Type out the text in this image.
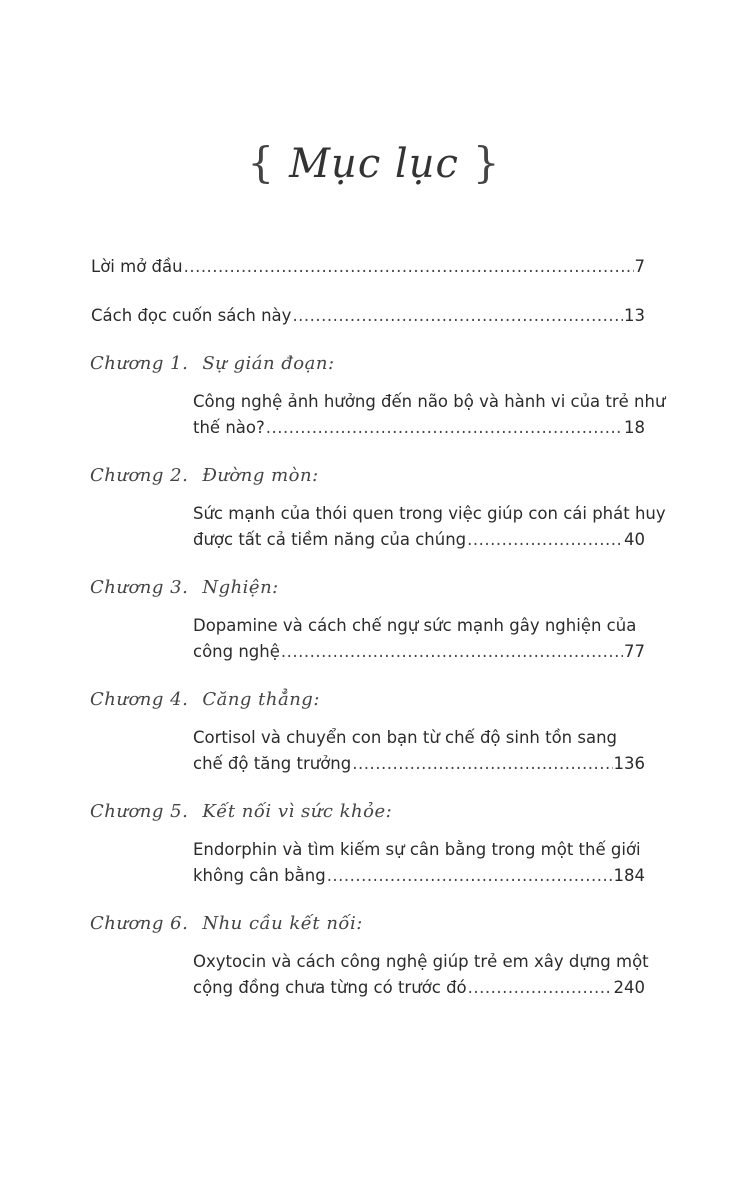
{ Mục lục }
Lời mở đầu .....	7
Cách đọc cuốn sách này .....	13
Chương 1. Sự gián đoạn:
Công nghệ ảnh hưởng đến não bộ và hành vi của trẻ như
thế nào? .....	18
Chương 2. Đường mòn:
Sức mạnh của thói quen trong việc giúp con cái phát huy
được tất cả tiềm năng của chúng .....	40
Chương 3. Nghiện:
Dopamine và cách chế ngự sức mạnh gây nghiện của
công nghệ .....	77
Chương 4. Căng thẳng:
Cortisol và chuyển con bạn từ chế độ sinh tồn sang
chế độ tăng trưởng .....	136
Chương 5. Kết nối vì sức khỏe:
Endorphin và tìm kiếm sự cân bằng trong một thế giới
không cân bằng .....	184
Chương 6. Nhu cầu kết nối:
Oxytocin và cách công nghệ giúp trẻ em xây dựng một
cộng đồng chưa từng có trước đó .....	240
